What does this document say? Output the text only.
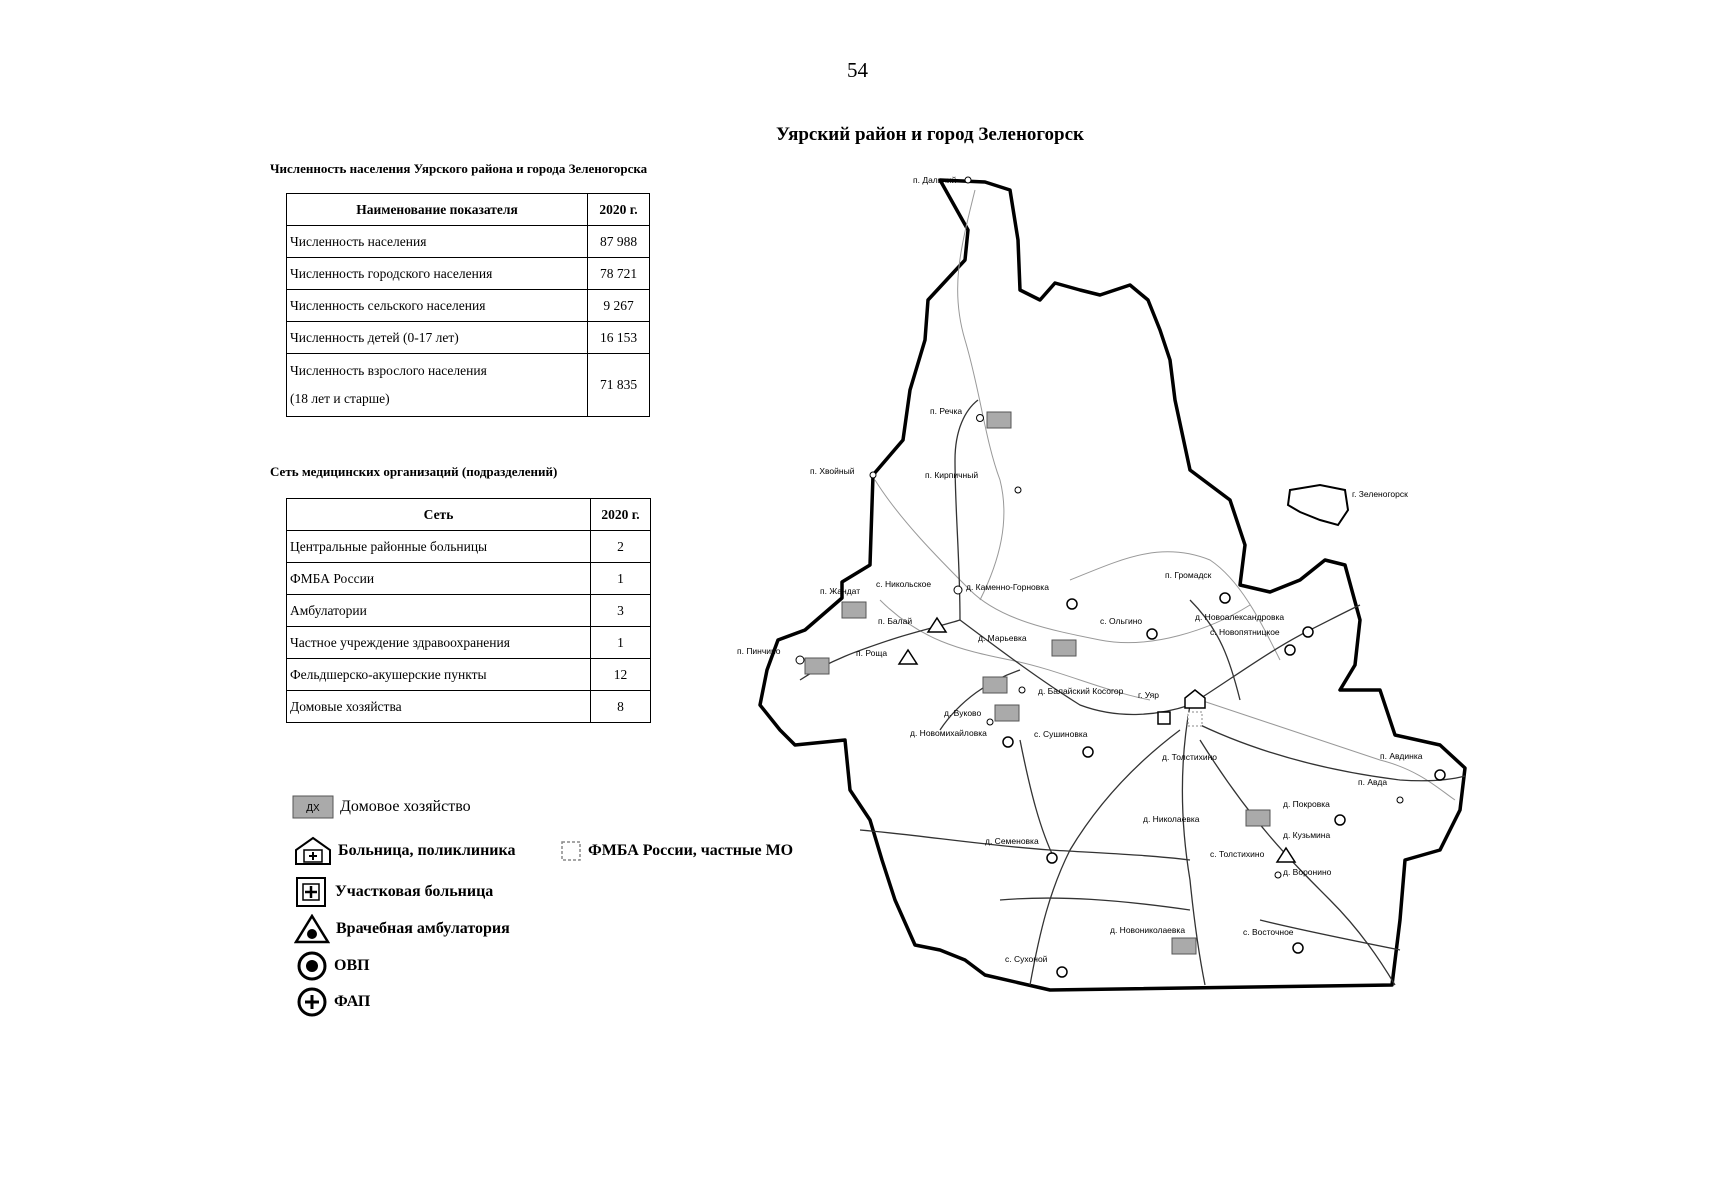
54
Уярский район и город Зеленогорск
Численность населения Уярского района и города Зеленогорска
Наименование показателя	2020 г.
Численность населения	87 988
Численность городского населения	78 721
Численность сельского населения	9 267
Численность детей (0-17 лет)	16 153

Численность взрослого населения
(18 лет и старше)	71 835
Сеть медицинских организаций (подразделений)
Сеть	2020 г.
Центральные районные больницы	2
ФМБА России	1
Амбулатории	3
Частное учреждение здравоохранения	1
Фельдшерско-акушерские пункты	12
Домовые хозяйства	8
ДХ Домовое хозяйство
Больница, поликлиника	ФМБА России, частные МО
Участковая больница
Врачебная амбулатория
ОВП
ФАП
г. Зеленогорск
п. Дальний
п. Речка
п. Хвойный	п. Кирпичный
п. Громадск
п. Жандат
с. Никольское	д. Каменно-Горновка
д. Новоалександровка
с. Ольгино
с. Новопятницкое
п. Балай
д. Марьевка
п. Пинчино	п. Роща
г. Уяр
д. Балайский Косогор
д. Вуково
д. Новомихайловка	с. Сушиновка
п. Авдинка
п. Авда
д. Покровка
д. Кузьмина
д. Николаевка
д. Семеновка
с. Толстихино
д. Воронино
д. Новониколаевка	с. Восточное
с. Сухоной
д. Толстихино
